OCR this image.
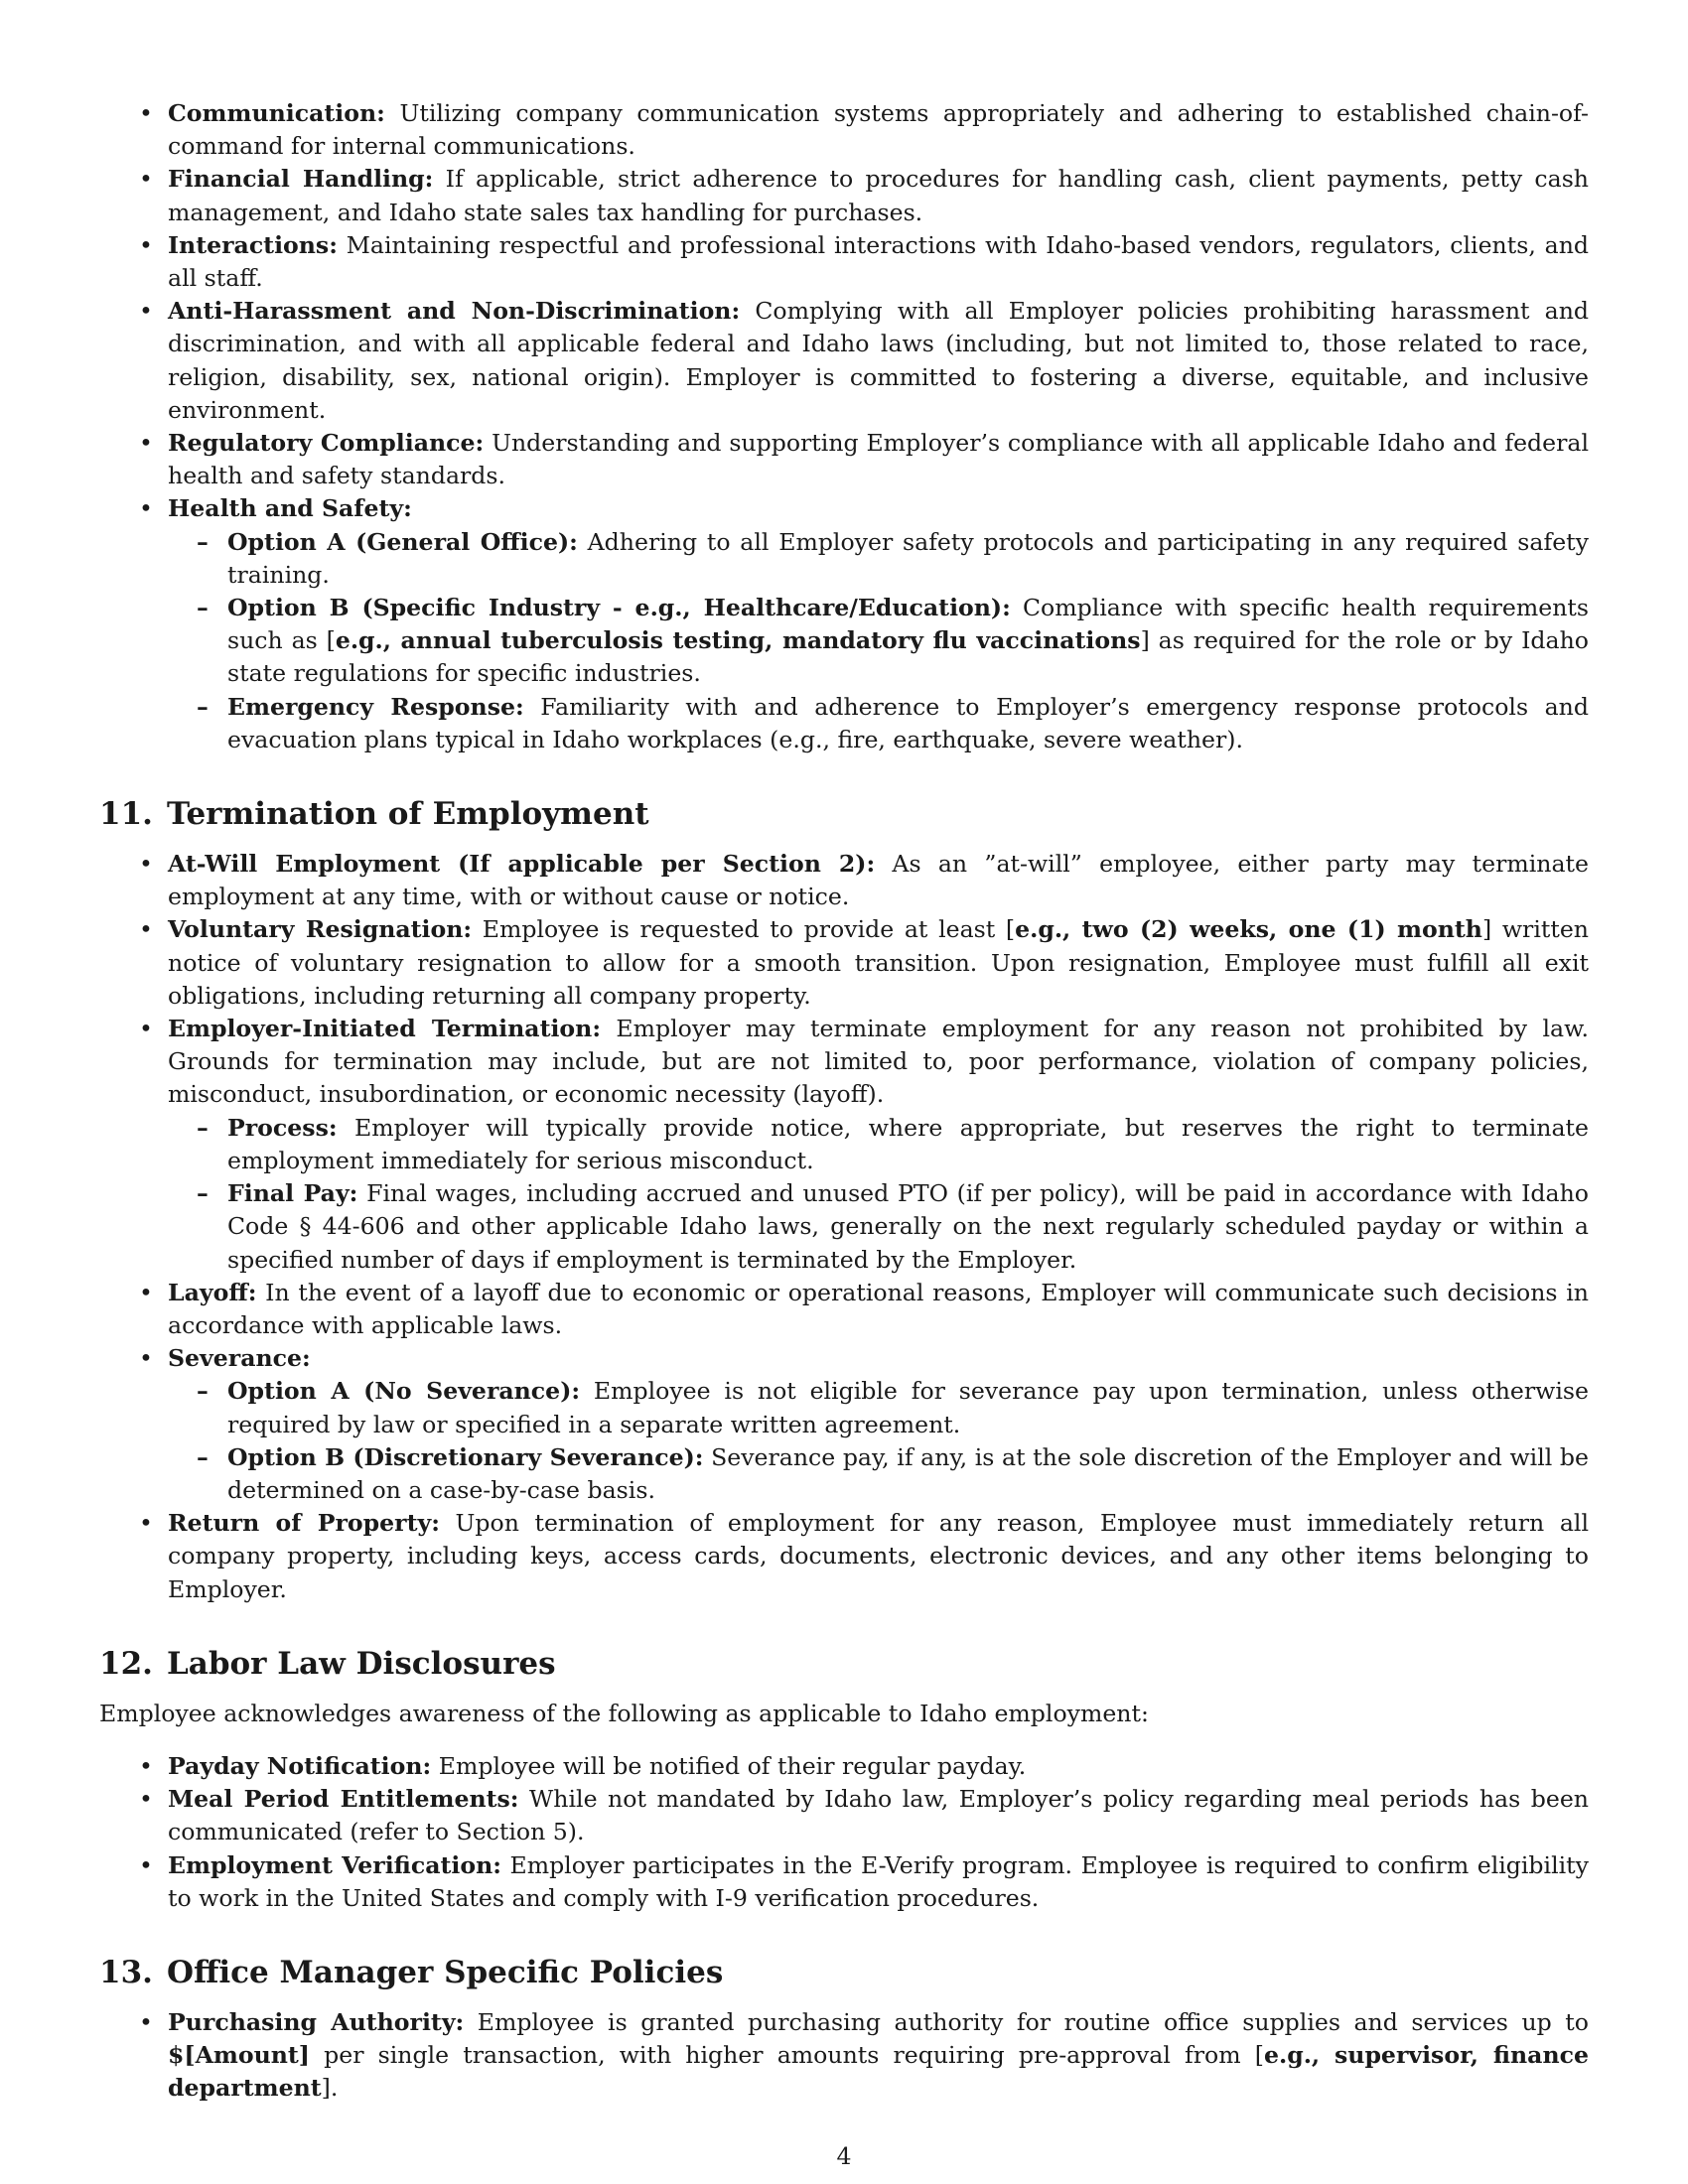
• Communication: Utilizing company communication systems appropriately and adhering to established chain-of-command for internal communications.
• Financial Handling: If applicable, strict adherence to procedures for handling cash, client payments, petty cash management, and Idaho state sales tax handling for purchases.
• Interactions: Maintaining respectful and professional interactions with Idaho-based vendors, regulators, clients, and all staff.
• Anti-Harassment and Non-Discrimination: Complying with all Employer policies prohibiting harassment and discrimination, and with all applicable federal and Idaho laws (including, but not limited to, those related to race, religion, disability, sex, national origin). Employer is committed to fostering a diverse, equitable, and inclusive environment.
• Regulatory Compliance: Understanding and supporting Employer’s compliance with all applicable Idaho and federal health and safety standards.
• Health and Safety:
– Option A (General Office): Adhering to all Employer safety protocols and participating in any required safety training.
– Option B (Specific Industry - e.g., Healthcare/Education): Compliance with specific health requirements such as [e.g., annual tuberculosis testing, mandatory flu vaccinations] as required for the role or by Idaho state regulations for specific industries.
– Emergency Response: Familiarity with and adherence to Employer’s emergency response protocols and evacuation plans typical in Idaho workplaces (e.g., fire, earthquake, severe weather).
11. Termination of Employment
• At-Will Employment (If applicable per Section 2): As an ”at-will” employee, either party may terminate employment at any time, with or without cause or notice.
• Voluntary Resignation: Employee is requested to provide at least [e.g., two (2) weeks, one (1) month] written notice of voluntary resignation to allow for a smooth transition. Upon resignation, Employee must fulfill all exit obligations, including returning all company property.
• Employer-Initiated Termination: Employer may terminate employment for any reason not prohibited by law. Grounds for termination may include, but are not limited to, poor performance, violation of company policies, misconduct, insubordination, or economic necessity (layoff).
– Process: Employer will typically provide notice, where appropriate, but reserves the right to terminate employment immediately for serious misconduct.
– Final Pay: Final wages, including accrued and unused PTO (if per policy), will be paid in accordance with Idaho Code § 44-606 and other applicable Idaho laws, generally on the next regularly scheduled payday or within a specified number of days if employment is terminated by the Employer.
• Layoff: In the event of a layoff due to economic or operational reasons, Employer will communicate such decisions in accordance with applicable laws.
• Severance:
– Option A (No Severance): Employee is not eligible for severance pay upon termination, unless otherwise required by law or specified in a separate written agreement.
– Option B (Discretionary Severance): Severance pay, if any, is at the sole discretion of the Employer and will be determined on a case-by-case basis.
• Return of Property: Upon termination of employment for any reason, Employee must immediately return all company property, including keys, access cards, documents, electronic devices, and any other items belonging to Employer.
12. Labor Law Disclosures

Employee acknowledges awareness of the following as applicable to Idaho employment:

• Payday Notification: Employee will be notified of their regular payday.
• Meal Period Entitlements: While not mandated by Idaho law, Employer’s policy regarding meal periods has been communicated (refer to Section 5).
• Employment Verification: Employer participates in the E-Verify program. Employee is required to confirm eligibility to work in the United States and comply with I-9 verification procedures.
13. Office Manager Specific Policies
• Purchasing Authority: Employee is granted purchasing authority for routine office supplies and services up to $[Amount] per single transaction, with higher amounts requiring pre-approval from [e.g., supervisor, finance department].
4
